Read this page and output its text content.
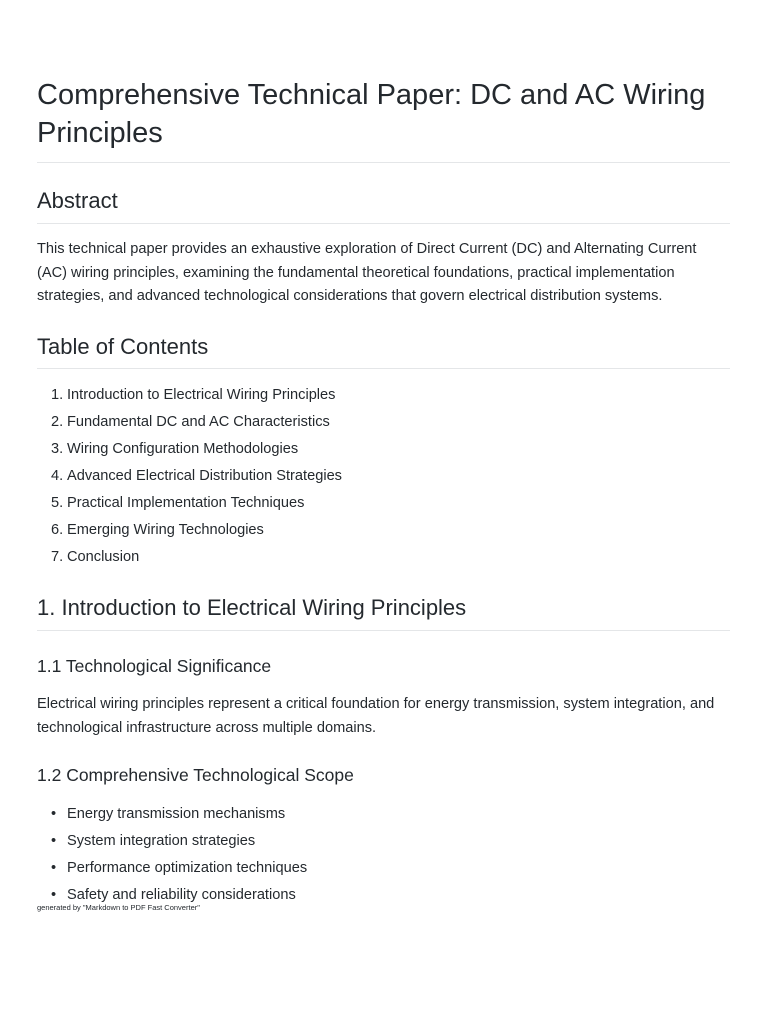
Comprehensive Technical Paper: DC and AC Wiring Principles
Abstract

This technical paper provides an exhaustive exploration of Direct Current (DC) and Alternating Current (AC) wiring principles, examining the fundamental theoretical foundations, practical implementation strategies, and advanced technological considerations that govern electrical distribution systems.

Table of Contents
1. Introduction to Electrical Wiring Principles
2. Fundamental DC and AC Characteristics
3. Wiring Configuration Methodologies
4. Advanced Electrical Distribution Strategies
5. Practical Implementation Techniques
6. Emerging Wiring Technologies
7. Conclusion
1. Introduction to Electrical Wiring Principles
1.1 Technological Significance

Electrical wiring principles represent a critical foundation for energy transmission, system integration, and technological infrastructure across multiple domains.

1.2 Comprehensive Technological Scope
• Energy transmission mechanisms
• System integration strategies
• Performance optimization techniques
• Safety and reliability considerations
generated by "Markdown to PDF Fast Converter"
